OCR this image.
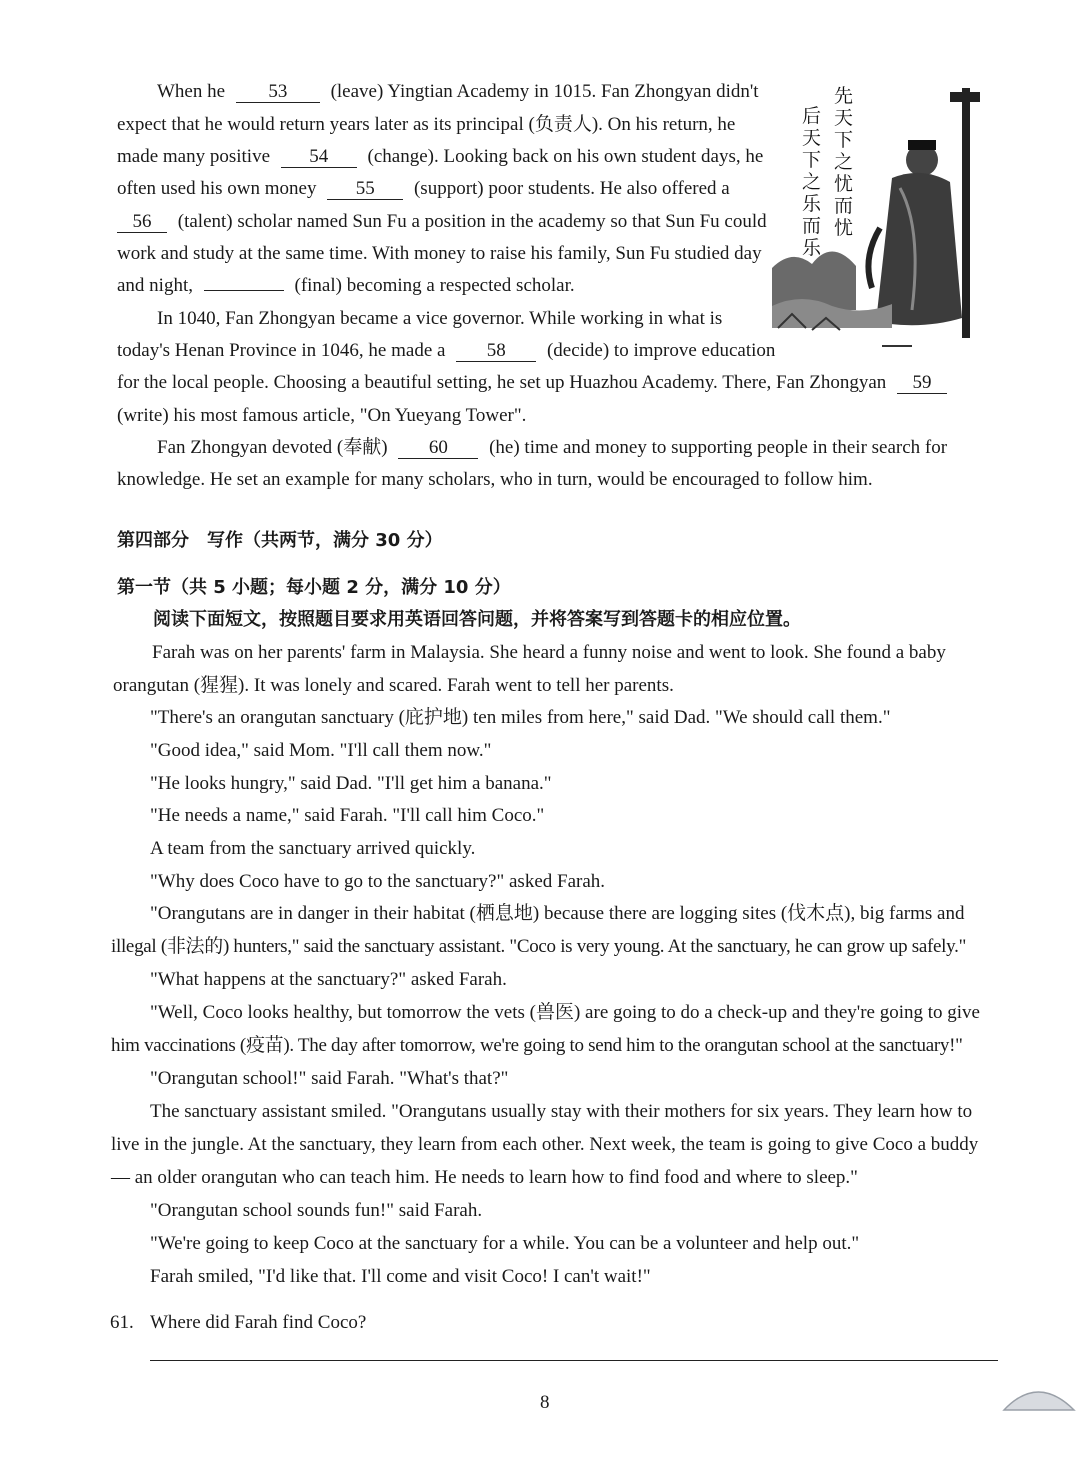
When he 53 (leave) Yingtian Academy in 1015. Fan Zhongyan didn't
expect that he would return years later as its principal (负责人). On his return, he
made many positive 54 (change). Looking back on his own student days, he
often used his own money 55 (support) poor students. He also offered a
56 (talent) scholar named Sun Fu a position in the academy so that Sun Fu could
work and study at the same time. With money to raise his family, Sun Fu studied day
and night,	(final) becoming a respected scholar.
In 1040, Fan Zhongyan became a vice governor. While working in what is
today's Henan Province in 1046, he made a 58 (decide) to improve education
for the local people. Choosing a beautiful setting, he set up Huazhou Academy. There, Fan Zhongyan 59
(write) his most famous article, "On Yueyang Tower".
Fan Zhongyan devoted (奉献) 60 (he) time and money to supporting people in their search for
knowledge. He set an example for many scholars, who in turn, would be encouraged to follow him.
先天下之忧而忧
后天下之乐而乐
第四部分　写作（共两节，满分 30 分）
第一节（共 5 小题；每小题 2 分，满分 10 分）
阅读下面短文，按照题目要求用英语回答问题，并将答案写到答题卡的相应位置。
Farah was on her parents' farm in Malaysia. She heard a funny noise and went to look. She found a baby
orangutan (猩猩). It was lonely and scared. Farah went to tell her parents.
"There's an orangutan sanctuary (庇护地) ten miles from here," said Dad. "We should call them."
"Good idea," said Mom. "I'll call them now."
"He looks hungry," said Dad. "I'll get him a banana."
"He needs a name," said Farah. "I'll call him Coco."
A team from the sanctuary arrived quickly.
"Why does Coco have to go to the sanctuary?" asked Farah.
"Orangutans are in danger in their habitat (栖息地) because there are logging sites (伐木点), big farms and
illegal (非法的) hunters," said the sanctuary assistant. "Coco is very young. At the sanctuary, he can grow up safely."
"What happens at the sanctuary?" asked Farah.
"Well, Coco looks healthy, but tomorrow the vets (兽医) are going to do a check-up and they're going to give
him vaccinations (疫苗). The day after tomorrow, we're going to send him to the orangutan school at the sanctuary!"
"Orangutan school!" said Farah. "What's that?"
The sanctuary assistant smiled. "Orangutans usually stay with their mothers for six years. They learn how to
live in the jungle. At the sanctuary, they learn from each other. Next week, the team is going to give Coco a buddy
— an older orangutan who can teach him. He needs to learn how to find food and where to sleep."
"Orangutan school sounds fun!" said Farah.
"We're going to keep Coco at the sanctuary for a while. You can be a volunteer and help out."
Farah smiled, "I'd like that. I'll come and visit Coco! I can't wait!"
61. Where did Farah find Coco?
8
